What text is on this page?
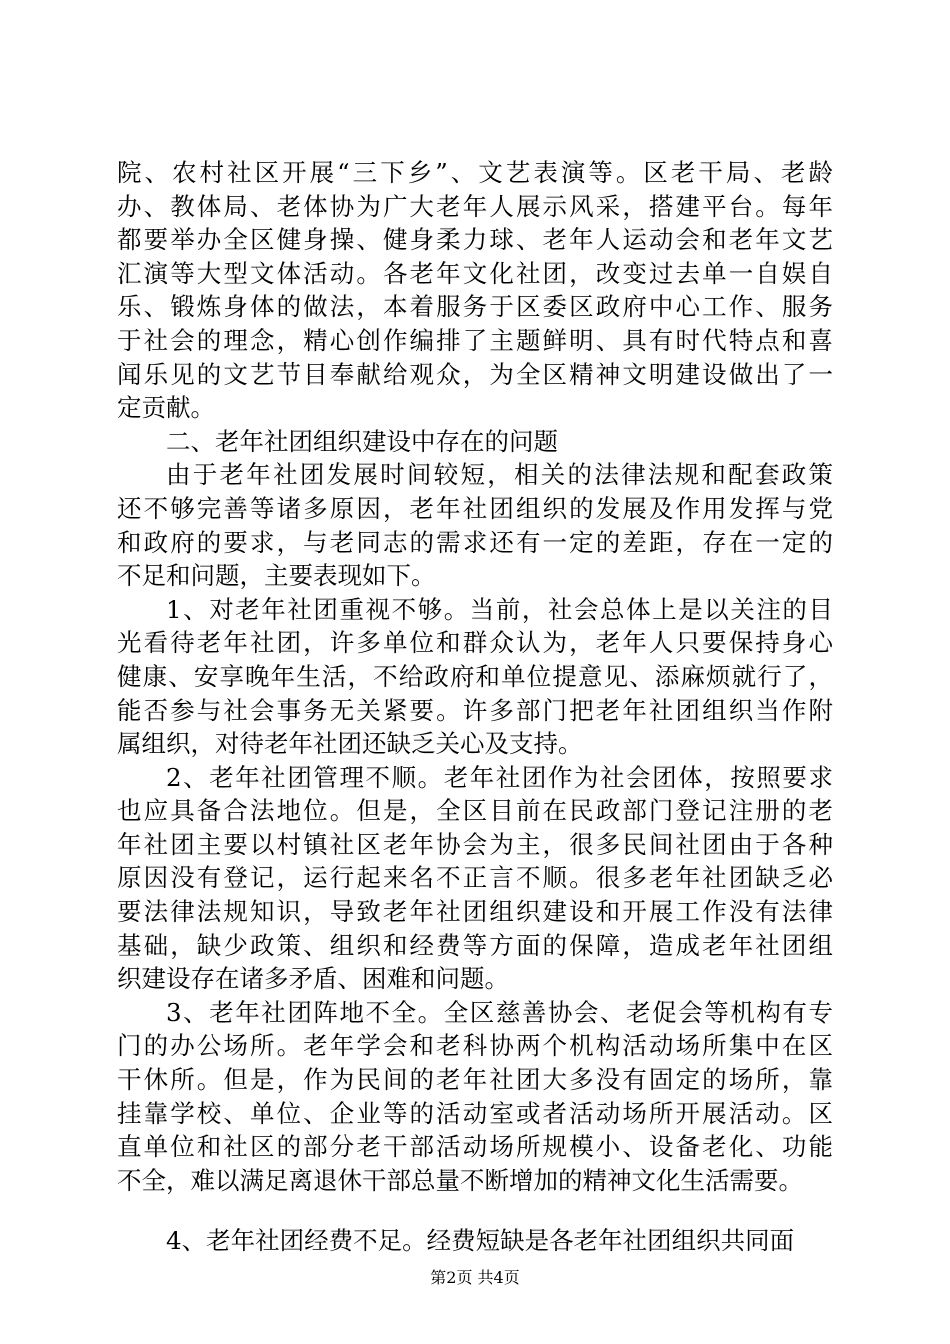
院、农村社区开展“三下乡”、文艺表演等。区老干局、老龄
办、教体局、老体协为广大老年人展示风采，搭建平台。每年
都要举办全区健身操、健身柔力球、老年人运动会和老年文艺
汇演等大型文体活动。各老年文化社团，改变过去单一自娱自
乐、锻炼身体的做法，本着服务于区委区政府中心工作、服务
于社会的理念，精心创作编排了主题鲜明、具有时代特点和喜
闻乐见的文艺节目奉献给观众，为全区精神文明建设做出了一
定贡献。
二、老年社团组织建设中存在的问题
由于老年社团发展时间较短，相关的法律法规和配套政策
还不够完善等诸多原因，老年社团组织的发展及作用发挥与党
和政府的要求，与老同志的需求还有一定的差距，存在一定的
不足和问题，主要表现如下。
1、对老年社团重视不够。当前，社会总体上是以关注的目
光看待老年社团，许多单位和群众认为，老年人只要保持身心
健康、安享晚年生活，不给政府和单位提意见、添麻烦就行了，
能否参与社会事务无关紧要。许多部门把老年社团组织当作附
属组织，对待老年社团还缺乏关心及支持。
2、老年社团管理不顺。老年社团作为社会团体，按照要求
也应具备合法地位。但是，全区目前在民政部门登记注册的老
年社团主要以村镇社区老年协会为主，很多民间社团由于各种
原因没有登记，运行起来名不正言不顺。很多老年社团缺乏必
要法律法规知识，导致老年社团组织建设和开展工作没有法律
基础，缺少政策、组织和经费等方面的保障，造成老年社团组
织建设存在诸多矛盾、困难和问题。
3、老年社团阵地不全。全区慈善协会、老促会等机构有专
门的办公场所。老年学会和老科协两个机构活动场所集中在区
干休所。但是，作为民间的老年社团大多没有固定的场所，靠
挂靠学校、单位、企业等的活动室或者活动场所开展活动。区
直单位和社区的部分老干部活动场所规模小、设备老化、功能
不全，难以满足离退休干部总量不断增加的精神文化生活需要。
4、老年社团经费不足。经费短缺是各老年社团组织共同面
第2页 共4页
